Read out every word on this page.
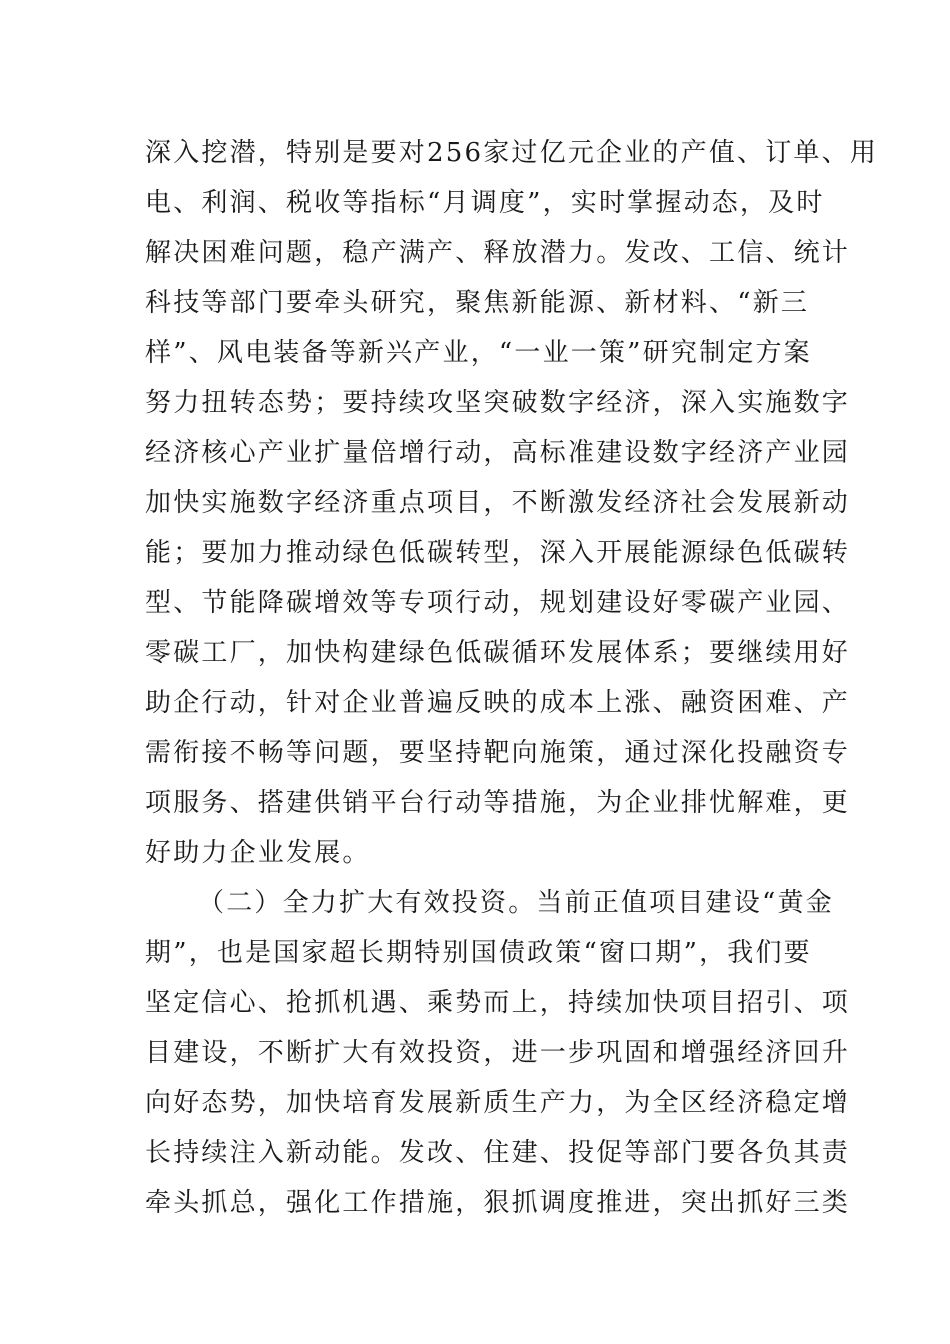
深入挖潜，特别是要对256家过亿元企业的产值、订单、用
电、利润、税收等指标“月调度”，实时掌握动态，及时
解决困难问题，稳产满产、释放潜力。发改、工信、统计
科技等部门要牵头研究，聚焦新能源、新材料、“新三
样”、风电装备等新兴产业，“一业一策”研究制定方案
努力扭转态势；要持续攻坚突破数字经济，深入实施数字
经济核心产业扩量倍增行动，高标准建设数字经济产业园
加快实施数字经济重点项目，不断激发经济社会发展新动
能；要加力推动绿色低碳转型，深入开展能源绿色低碳转
型、节能降碳增效等专项行动，规划建设好零碳产业园、
零碳工厂，加快构建绿色低碳循环发展体系；要继续用好
助企行动，针对企业普遍反映的成本上涨、融资困难、产
需衔接不畅等问题，要坚持靶向施策，通过深化投融资专
项服务、搭建供销平台行动等措施，为企业排忧解难，更
好助力企业发展。
（二）全力扩大有效投资。当前正值项目建设“黄金
期”，也是国家超长期特别国债政策“窗口期”，我们要
坚定信心、抢抓机遇、乘势而上，持续加快项目招引、项
目建设，不断扩大有效投资，进一步巩固和增强经济回升
向好态势，加快培育发展新质生产力，为全区经济稳定增
长持续注入新动能。发改、住建、投促等部门要各负其责
牵头抓总，强化工作措施，狠抓调度推进，突出抓好三类
